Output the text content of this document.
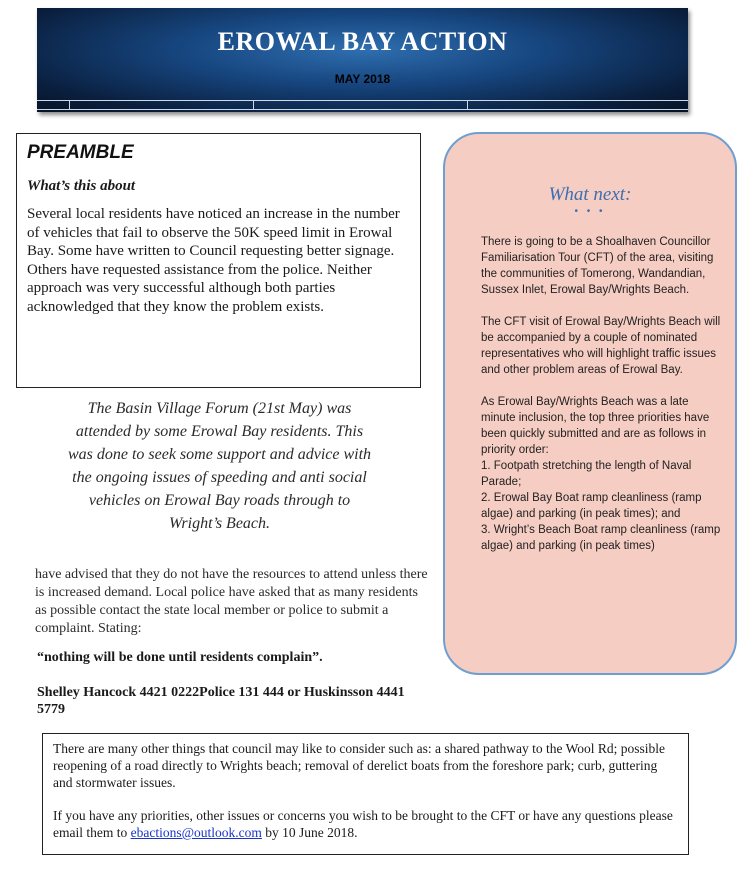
EROWAL BAY ACTION
MAY 2018
PREAMBLE
What’s this about

Several local residents have noticed an increase in the number of vehicles that fail to observe the 50K speed limit in Erowal Bay. Some have written to Council requesting better signage. Others have requested assistance from the police. Neither approach was very successful although both parties acknowledged that they know the problem exists.

The Basin Village Forum (21st May) was
attended by some Erowal Bay residents. This
was done to seek some support and advice with
the ongoing issues of speeding and anti social
vehicles on Erowal Bay roads through to
Wright’s Beach.
have advised that they do not have the resources to attend unless there is increased demand. Local police have asked that as many residents as possible contact the state local member or police to submit a complaint. Stating:
“nothing will be done until residents complain”.
Shelley Hancock 4421 0222Police 131 444 or Huskinsson 4441 5779
What next:
• • •

There is going to be a Shoalhaven Councillor Familiarisation Tour (CFT) of the area, visiting the communities of Tomerong, Wandandian, Sussex Inlet, Erowal Bay/Wrights Beach.

The CFT visit of Erowal Bay/Wrights Beach will be accompanied by a couple of nominated representatives who will highlight traffic issues and other problem areas of Erowal Bay.

As Erowal Bay/Wrights Beach was a late minute inclusion, the top three priorities have been quickly submitted and are as follows in priority order:
1. Footpath stretching the length of Naval Parade;
2. Erowal Bay Boat ramp cleanliness (ramp algae) and parking (in peak times); and
3. Wright’s Beach Boat ramp cleanliness (ramp algae) and parking (in peak times)

There are many other things that council may like to consider such as: a shared pathway to the Wool Rd; possible reopening of a road directly to Wrights beach; removal of derelict boats from the foreshore park; curb, guttering and stormwater issues.

If you have any priorities, other issues or concerns you wish to be brought to the CFT or have any questions please email them to ebactions@outlook.com by 10 June 2018.
